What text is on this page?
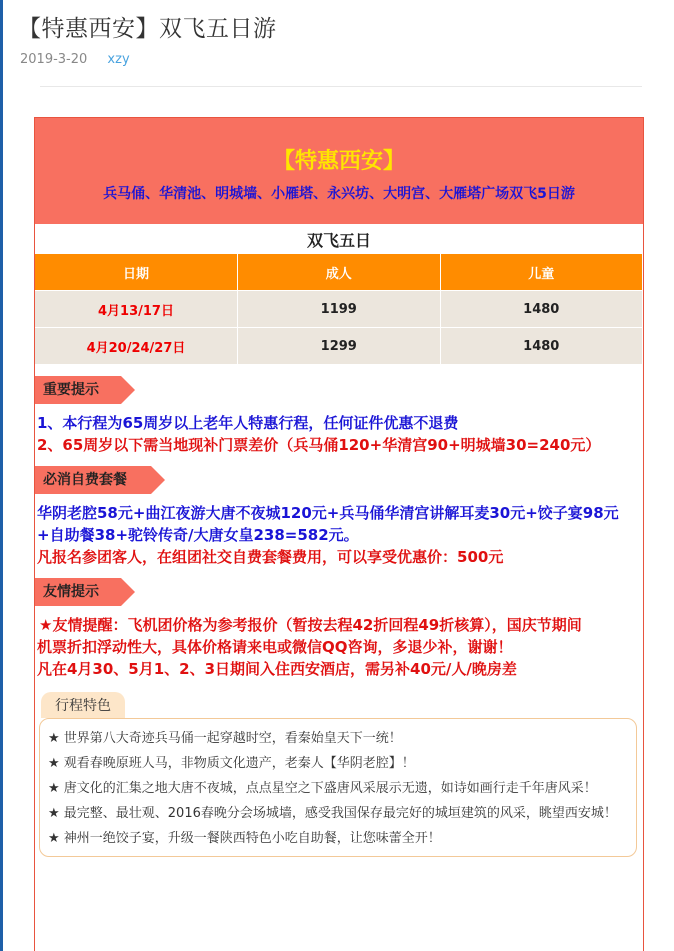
【特惠西安】双飞五日游
2019-3-20 xzy
【特惠西安】
兵马俑、华清池、明城墙、小雁塔、永兴坊、大明宫、大雁塔广场双飞5日游
双飞五日
日期	成人	儿童
4月13/17日	1199	1480
4月20/24/27日	1299	1480
重要提示
1、本行程为65周岁以上老年人特惠行程，任何证件优惠不退费
2、65周岁以下需当地现补门票差价（兵马俑120+华清宫90+明城墙30=240元）
必消自费套餐
华阴老腔58元+曲江夜游大唐不夜城120元+兵马俑华清宫讲解耳麦30元+饺子宴98元
+自助餐38+驼铃传奇/大唐女皇238=582元。
凡报名参团客人，在组团社交自费套餐费用，可以享受优惠价：500元
友情提示
★友情提醒：飞机团价格为参考报价（暂按去程42折回程49折核算），国庆节期间
机票折扣浮动性大，具体价格请来电或微信QQ咨询，多退少补，谢谢！
凡在4月30、5月1、2、3日期间入住西安酒店，需另补40元/人/晚房差
行程特色
★ 世界第八大奇迹兵马俑一起穿越时空，看秦始皇天下一统！
★ 观看春晚原班人马，非物质文化遗产，老秦人【华阴老腔】！
★ 唐文化的汇集之地大唐不夜城，点点星空之下盛唐风采展示无遗，如诗如画行走千年唐风采！
★ 最完整、最壮观、2016春晚分会场城墙，感受我国保存最完好的城垣建筑的风采，眺望西安城！
★ 神州一绝饺子宴，升级一餐陕西特色小吃自助餐，让您味蕾全开！
